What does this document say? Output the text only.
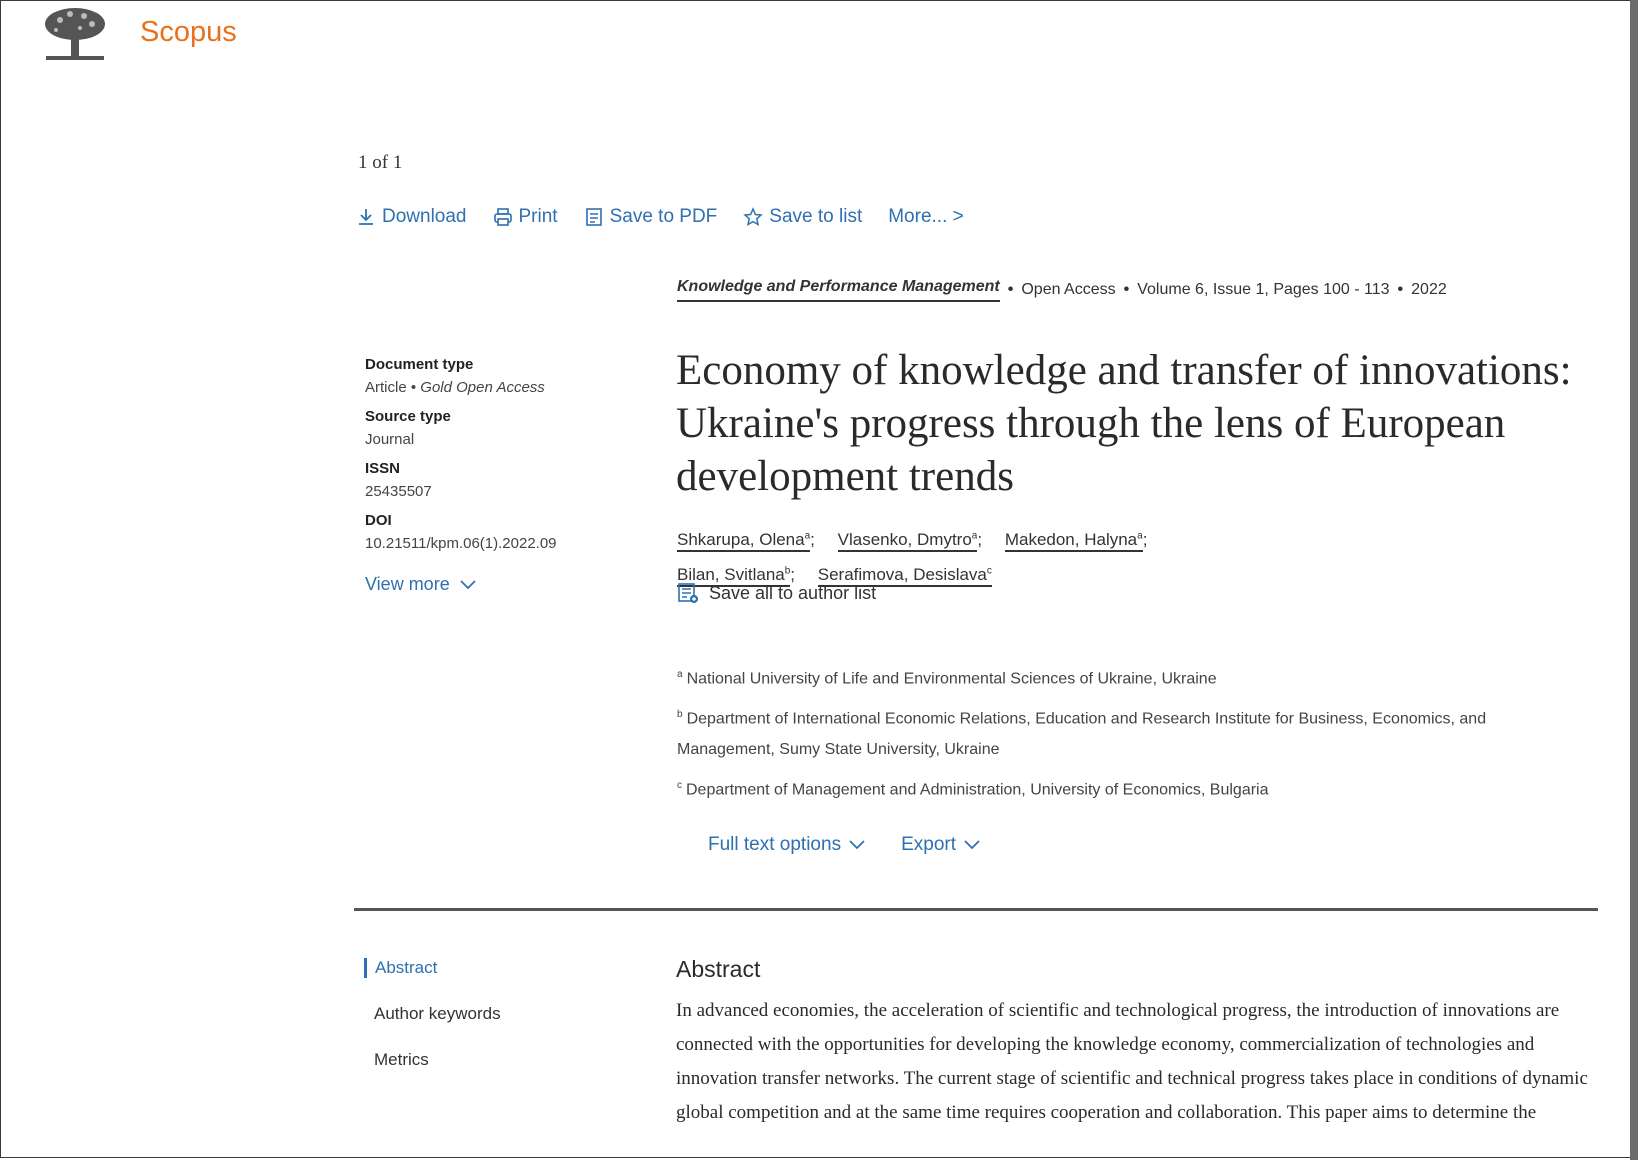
Scopus
1 of 1
Download	Print	Save to PDF	Save to list More... >
Knowledge and Performance Management • Open Access • Volume 6, Issue 1, Pages 100 - 113 • 2022
Document type
Article • Gold Open Access
Source type
Journal
ISSN
25435507
DOI
10.21511/kpm.06(1).2022.09
View more
Economy of knowledge and transfer of innovations: Ukraine's progress through the lens of European development trends
Shkarupa, Olena$^a$; Vlasenko, Dmytro$^a$; Makedon, Halyna$^a$;
Bilan, Svitlana$^b$; Serafimova, Desislava$^c$
Save all to author list

$^a$ National University of Life and Environmental Sciences of Ukraine, Ukraine

$^b$ Department of International Economic Relations, Education and Research Institute for Business, Economics, and Management, Sumy State University, Ukraine

$^c$ Department of Management and Administration, University of Economics, Bulgaria

Full text options	Export
Abstract
Author keywords
Metrics
Abstract
In advanced economies, the acceleration of scientific and technological progress, the introduction of innovations are connected with the opportunities for developing the knowledge economy, commercialization of technologies and innovation transfer networks. The current stage of scientific and technical progress takes place in conditions of dynamic global competition and at the same time requires cooperation and collaboration. This paper aims to determine the
